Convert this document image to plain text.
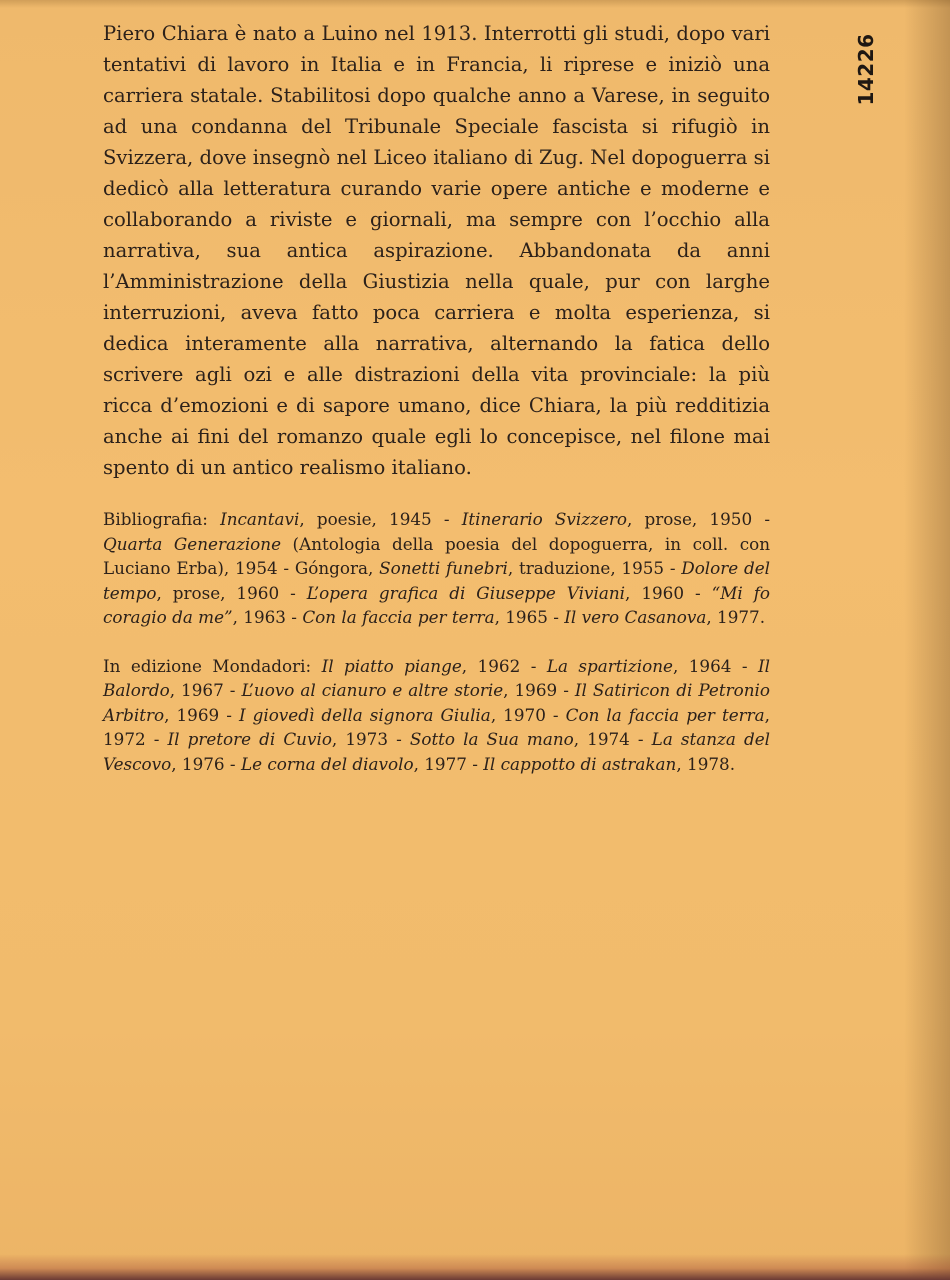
14226

Piero Chiara è nato a Luino nel 1913. Interrotti gli studi, dopo vari tentativi di lavoro in Italia e in Francia, li riprese e iniziò una carriera statale. Stabilitosi dopo qualche anno a Varese, in seguito ad una condanna del Tribunale Speciale fascista si rifugiò in Svizzera, dove insegnò nel Liceo italiano di Zug. Nel dopoguerra si dedicò alla letteratura curando varie opere antiche e moderne e collaborando a riviste e giornali, ma sempre con l’occhio alla narrativa, sua antica aspirazione. Abbandonata da anni l’Amministrazione della Giustizia nella quale, pur con larghe interruzioni, aveva fatto poca carriera e molta esperienza, si dedica interamente alla narrativa, alternando la fatica dello scrivere agli ozi e alle distrazioni della vita provinciale: la più ricca d’emozioni e di sapore umano, dice Chiara, la più redditizia anche ai fini del romanzo quale egli lo concepisce, nel filone mai spento di un antico realismo italiano.

Bibliografia: Incantavi, poesie, 1945 - Itinerario Svizzero, prose, 1950 - Quarta Generazione (Antologia della poesia del dopoguerra, in coll. con Luciano Erba), 1954 - Góngora, Sonetti funebri, traduzione, 1955 - Dolore del tempo, prose, 1960 - L’opera grafica di Giuseppe Viviani, 1960 - “Mi fo coragio da me”, 1963 - Con la faccia per terra, 1965 - Il vero Casanova, 1977.

In edizione Mondadori: Il piatto piange, 1962 - La spartizione, 1964 - Il Balordo, 1967 - L’uovo al cianuro e altre storie, 1969 - Il Satiricon di Petronio Arbitro, 1969 - I giovedì della signora Giulia, 1970 - Con la faccia per terra, 1972 - Il pretore di Cuvio, 1973 - Sotto la Sua mano, 1974 - La stanza del Vescovo, 1976 - Le corna del diavolo, 1977 - Il cappotto di astrakan, 1978.
